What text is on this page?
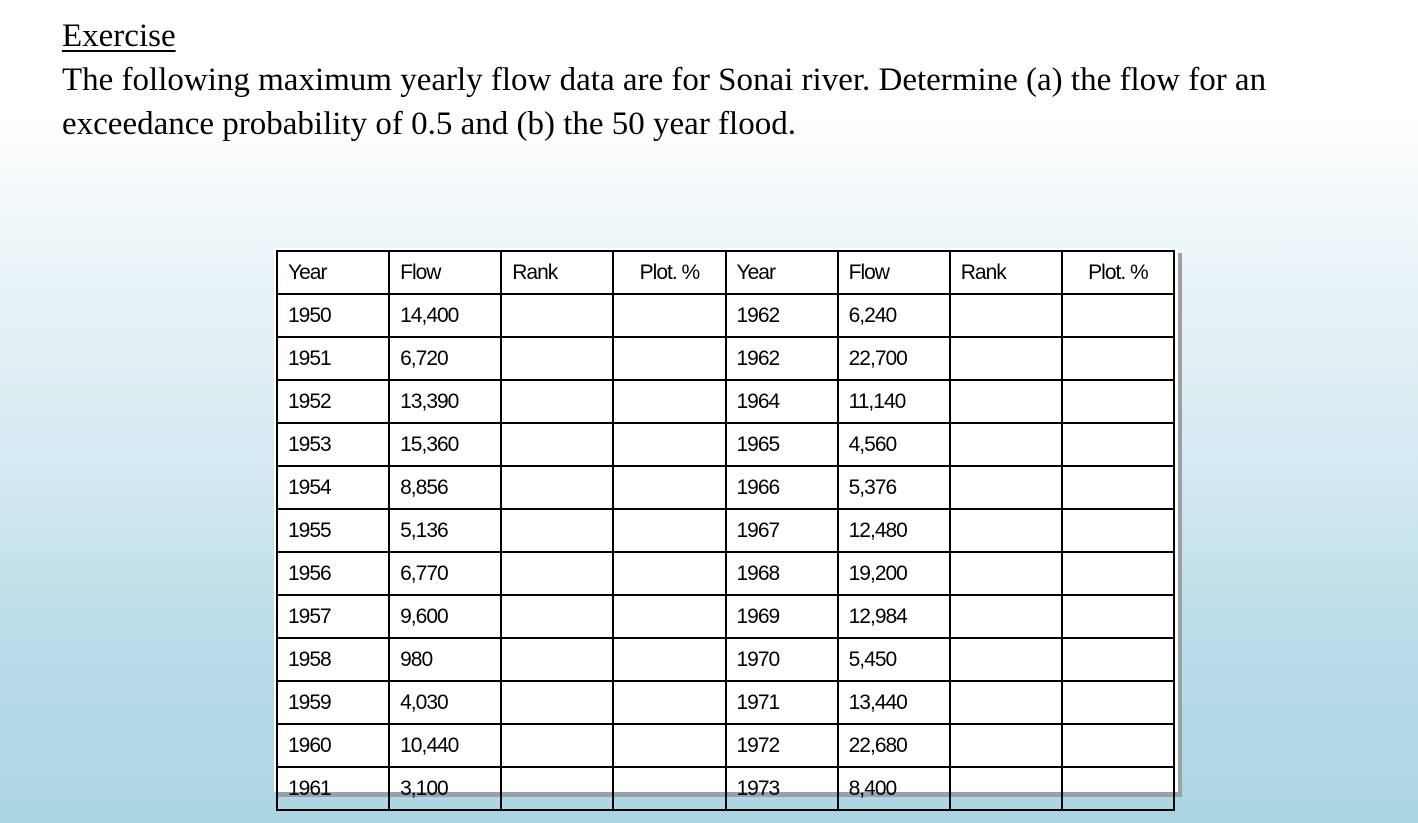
Exercise

The following maximum yearly flow data are for Sonai river. Determine (a) the flow for an exceedance probability of 0.5 and (b) the 50 year flood.

Year	Flow	Rank	Plot. %	Year	Flow	Rank	Plot. %
1950	14,400			1962	6,240		
1951	6,720			1962	22,700		
1952	13,390			1964	11,140		
1953	15,360			1965	4,560		
1954	8,856			1966	5,376		
1955	5,136			1967	12,480		
1956	6,770			1968	19,200		
1957	9,600			1969	12,984		
1958	980			1970	5,450		
1959	4,030			1971	13,440		
1960	10,440			1972	22,680		
1961	3,100			1973	8,400		
